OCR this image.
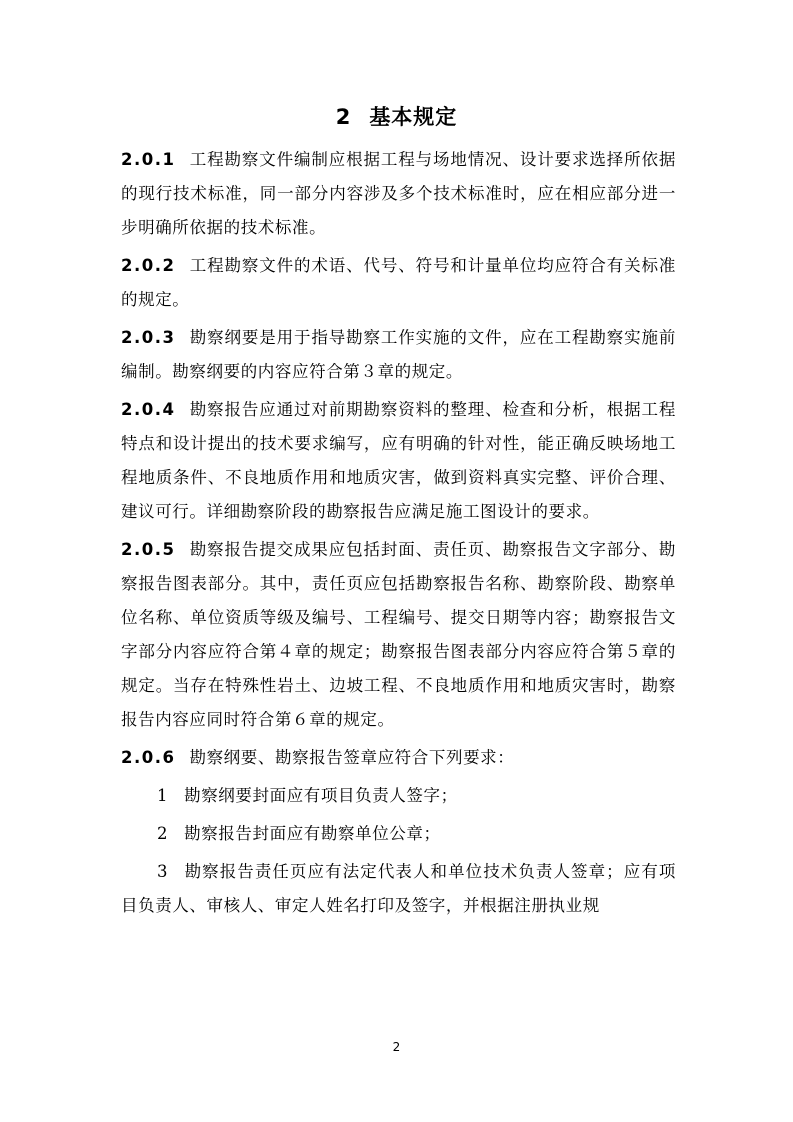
2 基本规定

2.0.1 工程勘察文件编制应根据工程与场地情况、设计要求选择所依据的现行技术标准，同一部分内容涉及多个技术标准时，应在相应部分进一步明确所依据的技术标准。

2.0.2 工程勘察文件的术语、代号、符号和计量单位均应符合有关标准的规定。

2.0.3 勘察纲要是用于指导勘察工作实施的文件，应在工程勘察实施前编制。勘察纲要的内容应符合第３章的规定。

2.0.4 勘察报告应通过对前期勘察资料的整理、检查和分析，根据工程特点和设计提出的技术要求编写，应有明确的针对性，能正确反映场地工程地质条件、不良地质作用和地质灾害，做到资料真实完整、评价合理、建议可行。详细勘察阶段的勘察报告应满足施工图设计的要求。

2.0.5 勘察报告提交成果应包括封面、责任页、勘察报告文字部分、勘察报告图表部分。其中，责任页应包括勘察报告名称、勘察阶段、勘察单位名称、单位资质等级及编号、工程编号、提交日期等内容；勘察报告文字部分内容应符合第４章的规定；勘察报告图表部分内容应符合第５章的规定。当存在特殊性岩土、边坡工程、不良地质作用和地质灾害时，勘察报告内容应同时符合第６章的规定。

2.0.6 勘察纲要、勘察报告签章应符合下列要求：

1 勘察纲要封面应有项目负责人签字；

2 勘察报告封面应有勘察单位公章；

3 勘察报告责任页应有法定代表人和单位技术负责人签章；应有项目负责人、审核人、审定人姓名打印及签字，并根据注册执业规

2
